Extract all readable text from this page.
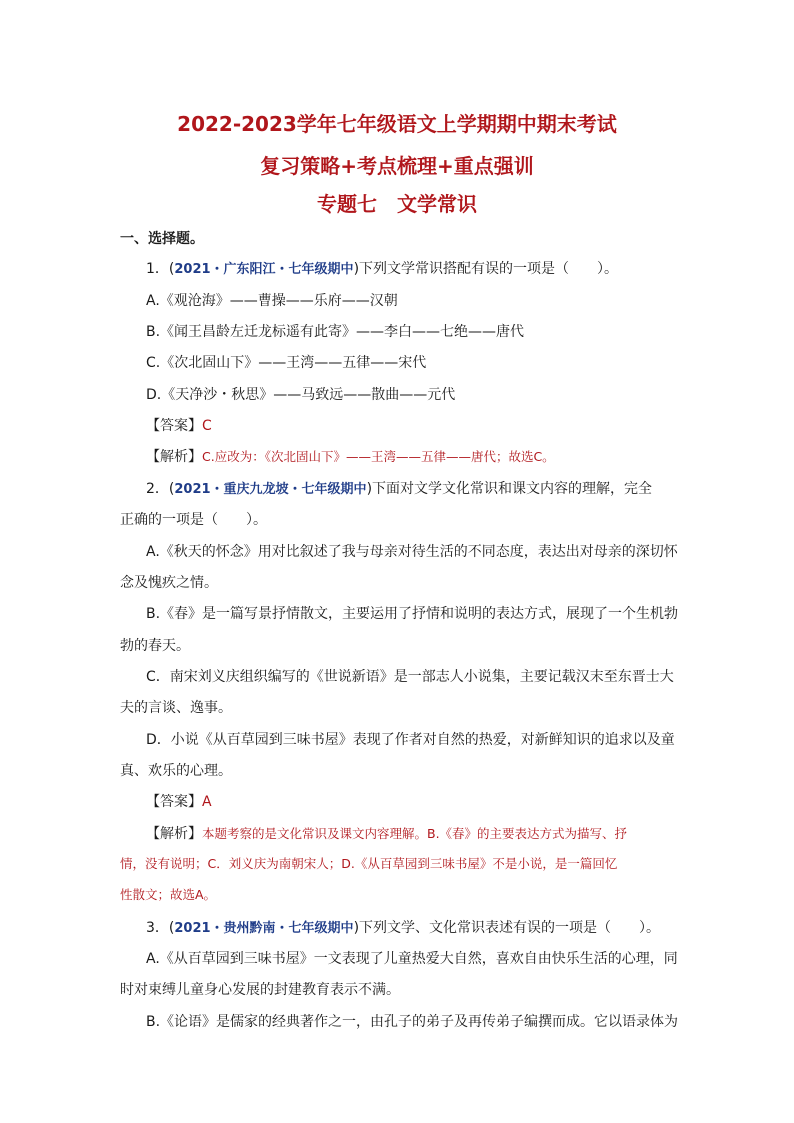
2022-2023学年七年级语文上学期期中期末考试
复习策略+考点梳理+重点强训
专题七　文学常识
一、选择题。
1．(2021・广东阳江・七年级期中)下列文学常识搭配有误的一项是（　　）。
A.《观沧海》——曹操——乐府——汉朝
B.《闻王昌龄左迁龙标遥有此寄》——李白——七绝——唐代
C.《次北固山下》——王湾——五律——宋代
D.《天净沙・秋思》——马致远——散曲——元代
【答案】C
【解析】C.应改为：《次北固山下》——王湾——五律——唐代；故选C。
2．(2021・重庆九龙坡・七年级期中)下面对文学文化常识和课文内容的理解，完全
正确的一项是（　　）。
A.《秋天的怀念》用对比叙述了我与母亲对待生活的不同态度，表达出对母亲的深切怀
念及愧疚之情。
B.《春》是一篇写景抒情散文，主要运用了抒情和说明的表达方式，展现了一个生机勃
勃的春天。
C．南宋刘义庆组织编写的《世说新语》是一部志人小说集，主要记载汉末至东晋士大
夫的言谈、逸事。
D．小说《从百草园到三味书屋》表现了作者对自然的热爱，对新鲜知识的追求以及童
真、欢乐的心理。
【答案】A
【解析】本题考察的是文化常识及课文内容理解。B.《春》的主要表达方式为描写、抒
情，没有说明；C．刘义庆为南朝宋人；D.《从百草园到三味书屋》不是小说，是一篇回忆
性散文；故选A。
3．(2021・贵州黔南・七年级期中)下列文学、文化常识表述有误的一项是（　　）。
A.《从百草园到三味书屋》一文表现了儿童热爱大自然，喜欢自由快乐生活的心理，同
时对束缚儿童身心发展的封建教育表示不满。
B.《论语》是儒家的经典著作之一，由孔子的弟子及再传弟子编撰而成。它以语录体为
